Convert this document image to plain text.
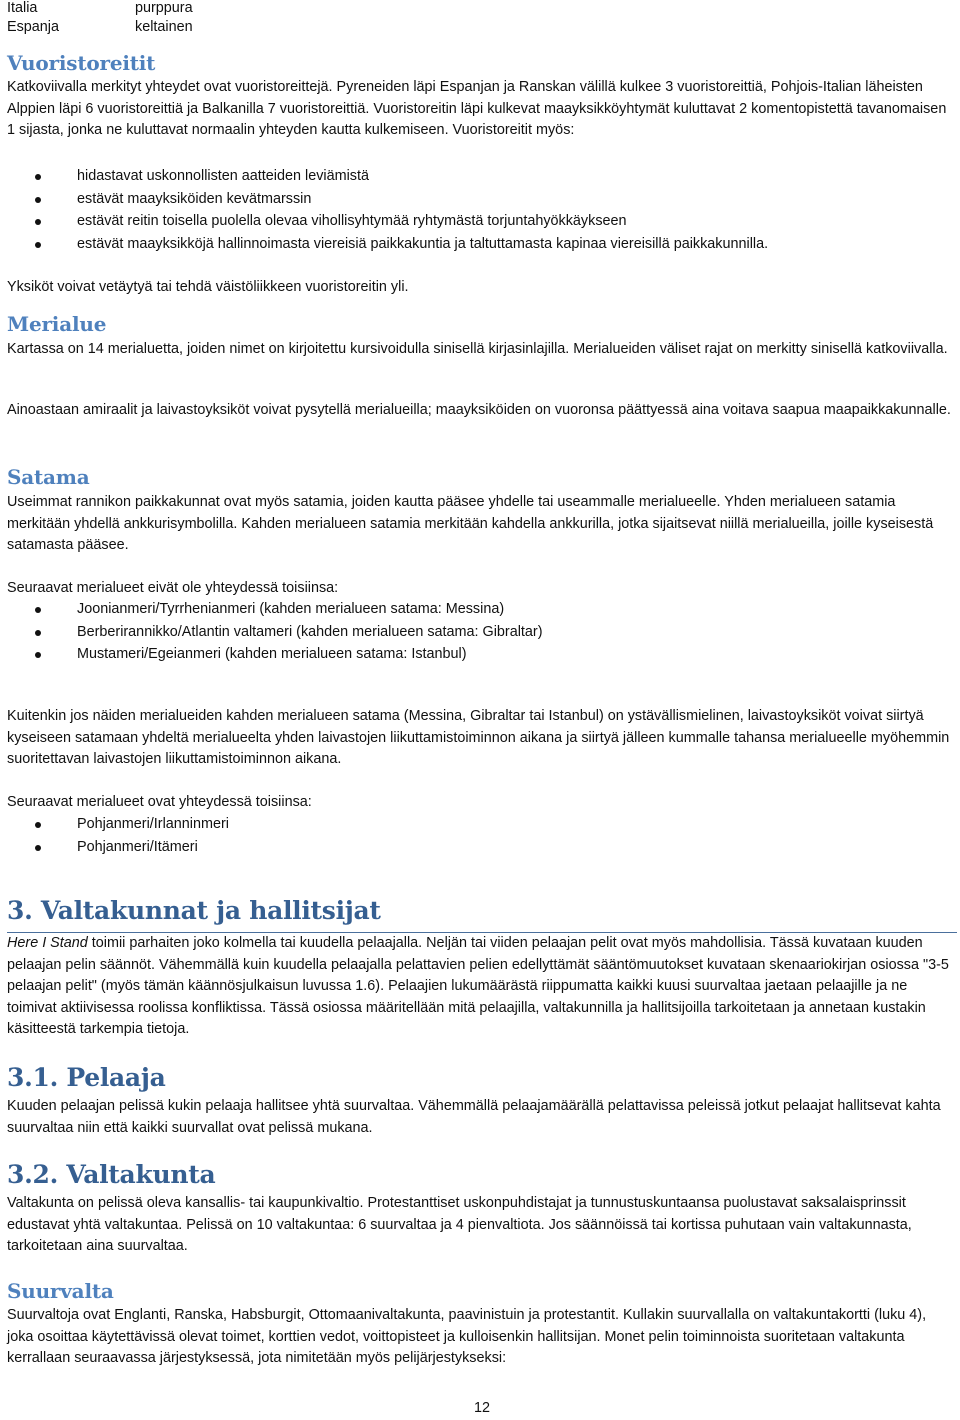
Italia	purppura
Espanja	keltainen
Vuoristoreitit
Katkoviivalla merkityt yhteydet ovat vuoristoreittejä. Pyreneiden läpi Espanjan ja Ranskan välillä kulkee 3 vuoristoreittiä, Pohjois-Italian läheisten Alppien läpi 6 vuoristoreittiä ja Balkanilla 7 vuoristoreittiä. Vuoristoreitin läpi kulkevat maayksikköyhtymät kuluttavat 2 komentopistettä tavanomaisen 1 sijasta, jonka ne kuluttavat normaalin yhteyden kautta kulkemiseen. Vuoristoreitit myös:
hidastavat uskonnollisten aatteiden leviämistä
estävät maayksiköiden kevätmarssin
estävät reitin toisella puolella olevaa vihollisyhtymää ryhtymästä torjuntahyökkäykseen
estävät maayksikköjä hallinnoimasta viereisiä paikkakuntia ja taltuttamasta kapinaa viereisillä paikkakunnilla.
Yksiköt voivat vetäytyä tai tehdä väistöliikkeen vuoristoreitin yli.
Merialue
Kartassa on 14 merialuetta, joiden nimet on kirjoitettu kursivoidulla sinisellä kirjasinlajilla. Merialueiden väliset rajat on merkitty sinisellä katkoviivalla.
Ainoastaan amiraalit ja laivastoyksiköt voivat pysytellä merialueilla; maayksiköiden on vuoronsa päättyessä aina voitava saapua maapaikkakunnalle.
Satama
Useimmat rannikon paikkakunnat ovat myös satamia, joiden kautta pääsee yhdelle tai useammalle merialueelle. Yhden merialueen satamia merkitään yhdellä ankkurisymbolilla. Kahden merialueen satamia merkitään kahdella ankkurilla, jotka sijaitsevat niillä merialueilla, joille kyseisestä satamasta pääsee.
Seuraavat merialueet eivät ole yhteydessä toisiinsa:
Joonianmeri/Tyrrhenianmeri (kahden merialueen satama: Messina)
Berberirannikko/Atlantin valtameri (kahden merialueen satama: Gibraltar)
Mustameri/Egeianmeri (kahden merialueen satama: Istanbul)
Kuitenkin jos näiden merialueiden kahden merialueen satama (Messina, Gibraltar tai Istanbul) on ystävällismielinen, laivastoyksiköt voivat siirtyä kyseiseen satamaan yhdeltä merialueelta yhden laivastojen liikuttamistoiminnon aikana ja siirtyä jälleen kummalle tahansa merialueelle myöhemmin suoritettavan laivastojen liikuttamistoiminnon aikana.
Seuraavat merialueet ovat yhteydessä toisiinsa:
Pohjanmeri/Irlanninmeri
Pohjanmeri/Itämeri
3. Valtakunnat ja hallitsijat
Here I Stand toimii parhaiten joko kolmella tai kuudella pelaajalla. Neljän tai viiden pelaajan pelit ovat myös mahdollisia. Tässä kuvataan kuuden pelaajan pelin säännöt. Vähemmällä kuin kuudella pelaajalla pelattavien pelien edellyttämät sääntömuutokset kuvataan skenaariokirjan osiossa "3-5 pelaajan pelit" (myös tämän käännösjulkaisun luvussa 1.6). Pelaajien lukumäärästä riippumatta kaikki kuusi suurvaltaa jaetaan pelaajille ja ne toimivat aktiivisessa roolissa konfliktissa. Tässä osiossa määritellään mitä pelaajilla, valtakunnilla ja hallitsijoilla tarkoitetaan ja annetaan kustakin käsitteestä tarkempia tietoja.
3.1. Pelaaja
Kuuden pelaajan pelissä kukin pelaaja hallitsee yhtä suurvaltaa. Vähemmällä pelaajamäärällä pelattavissa peleissä jotkut pelaajat hallitsevat kahta suurvaltaa niin että kaikki suurvallat ovat pelissä mukana.
3.2. Valtakunta
Valtakunta on pelissä oleva kansallis- tai kaupunkivaltio. Protestanttiset uskonpuhdistajat ja tunnustuskuntaansa puolustavat saksalaisprinssit edustavat yhtä valtakuntaa. Pelissä on 10 valtakuntaa: 6 suurvaltaa ja 4 pienvaltiota. Jos säännöissä tai kortissa puhutaan vain valtakunnasta, tarkoitetaan aina suurvaltaa.
Suurvalta
Suurvaltoja ovat Englanti, Ranska, Habsburgit, Ottomaanivaltakunta, paavinistuin ja protestantit. Kullakin suurvallalla on valtakuntakortti (luku 4), joka osoittaa käytettävissä olevat toimet, korttien vedot, voittopisteet ja kulloisenkin hallitsijan. Monet pelin toiminnoista suoritetaan valtakunta kerrallaan seuraavassa järjestyksessä, jota nimitetään myös pelijärjestykseksi:
12
